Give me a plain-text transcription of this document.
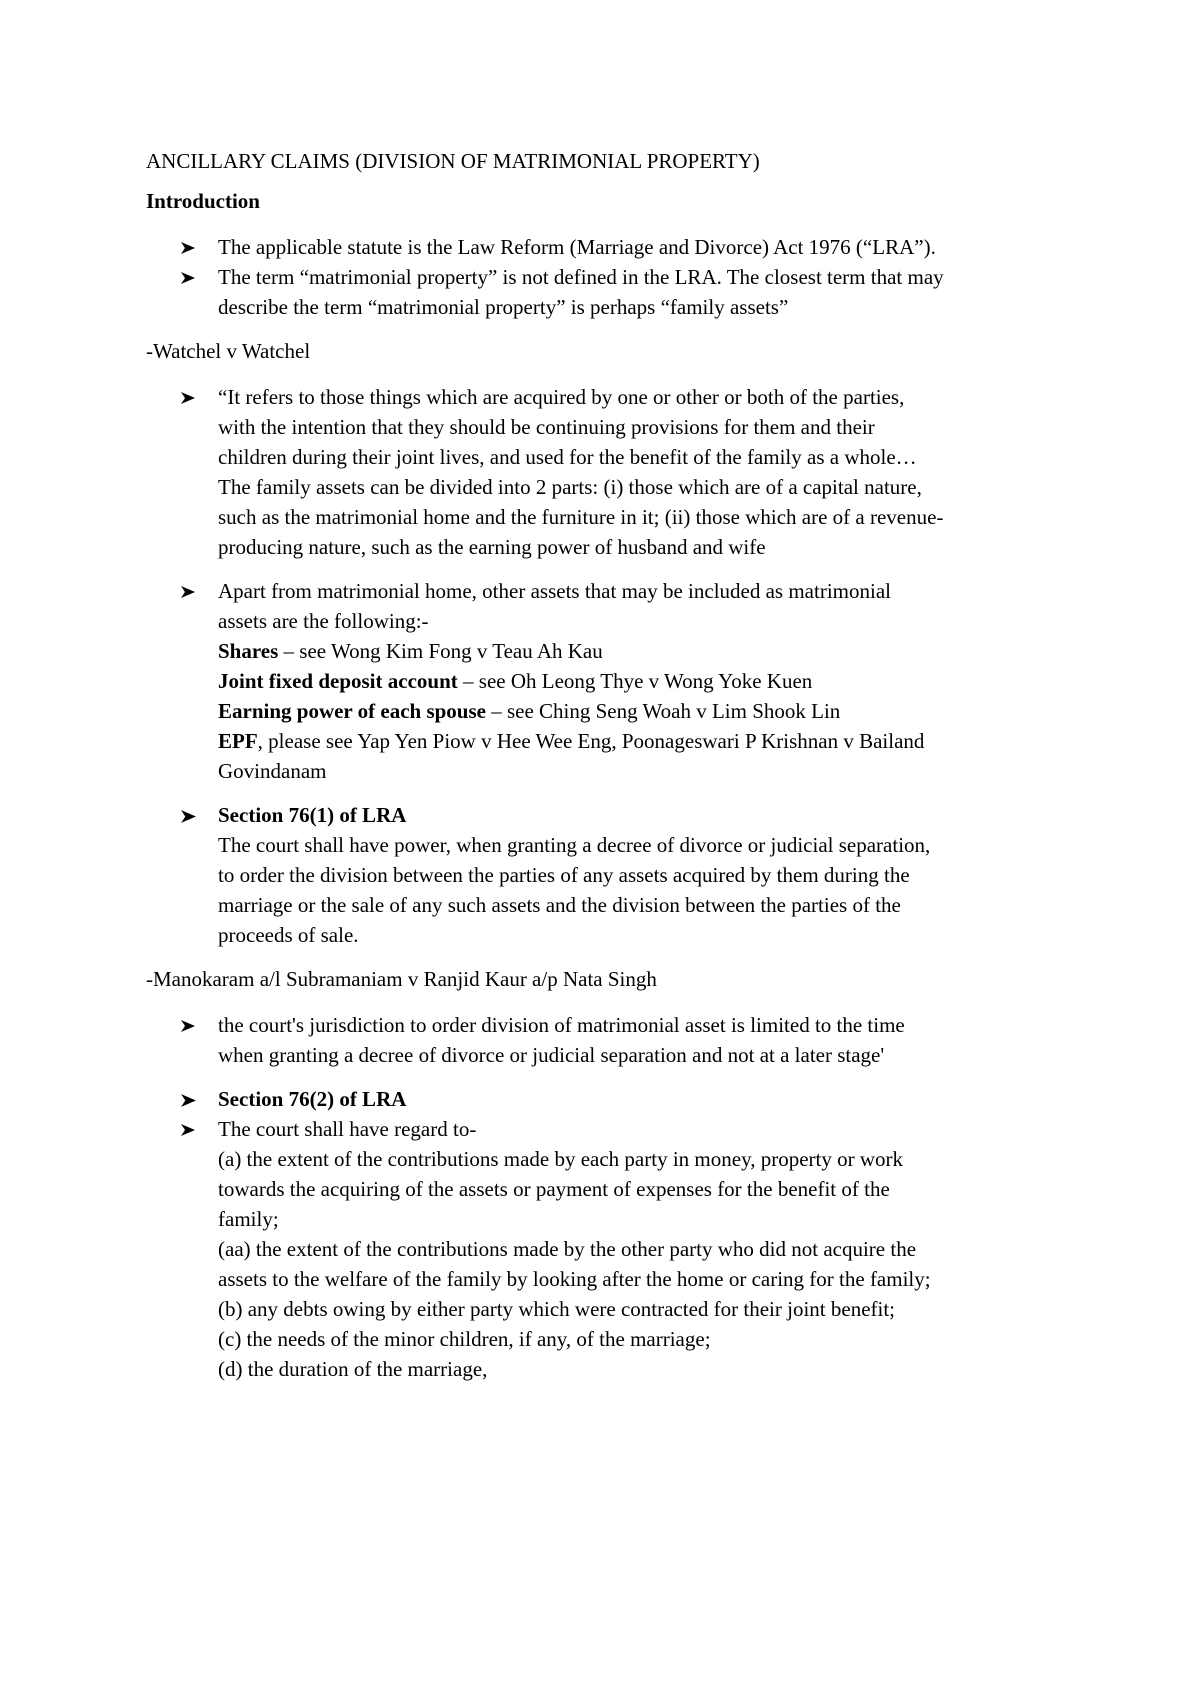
ANCILLARY CLAIMS (DIVISION OF MATRIMONIAL PROPERTY)

Introduction

The applicable statute is the Law Reform (Marriage and Divorce) Act 1976 (“LRA”).
The term “matrimonial property” is not defined in the LRA. The closest term that may
describe the term “matrimonial property” is perhaps “family assets”

-Watchel v Watchel

“It refers to those things which are acquired by one or other or both of the parties,
with the intention that they should be continuing provisions for them and their
children during their joint lives, and used for the benefit of the family as a whole…
The family assets can be divided into 2 parts: (i) those which are of a capital nature,
such as the matrimonial home and the furniture in it; (ii) those which are of a revenue-
producing nature, such as the earning power of husband and wife
Apart from matrimonial home, other assets that may be included as matrimonial
assets are the following:-
Shares – see Wong Kim Fong v Teau Ah Kau
Joint fixed deposit account – see Oh Leong Thye v Wong Yoke Kuen
Earning power of each spouse – see Ching Seng Woah v Lim Shook Lin
EPF, please see Yap Yen Piow v Hee Wee Eng, Poonageswari P Krishnan v Bailand
Govindanam
Section 76(1) of LRA
The court shall have power, when granting a decree of divorce or judicial separation,
to order the division between the parties of any assets acquired by them during the
marriage or the sale of any such assets and the division between the parties of the
proceeds of sale.

-Manokaram a/l Subramaniam v Ranjid Kaur a/p Nata Singh

the court's jurisdiction to order division of matrimonial asset is limited to the time
when granting a decree of divorce or judicial separation and not at a later stage'
Section 76(2) of LRA
The court shall have regard to-
(a) the extent of the contributions made by each party in money, property or work
towards the acquiring of the assets or payment of expenses for the benefit of the
family;
(aa) the extent of the contributions made by the other party who did not acquire the
assets to the welfare of the family by looking after the home or caring for the family;
(b) any debts owing by either party which were contracted for their joint benefit;
(c) the needs of the minor children, if any, of the marriage;
(d) the duration of the marriage,
